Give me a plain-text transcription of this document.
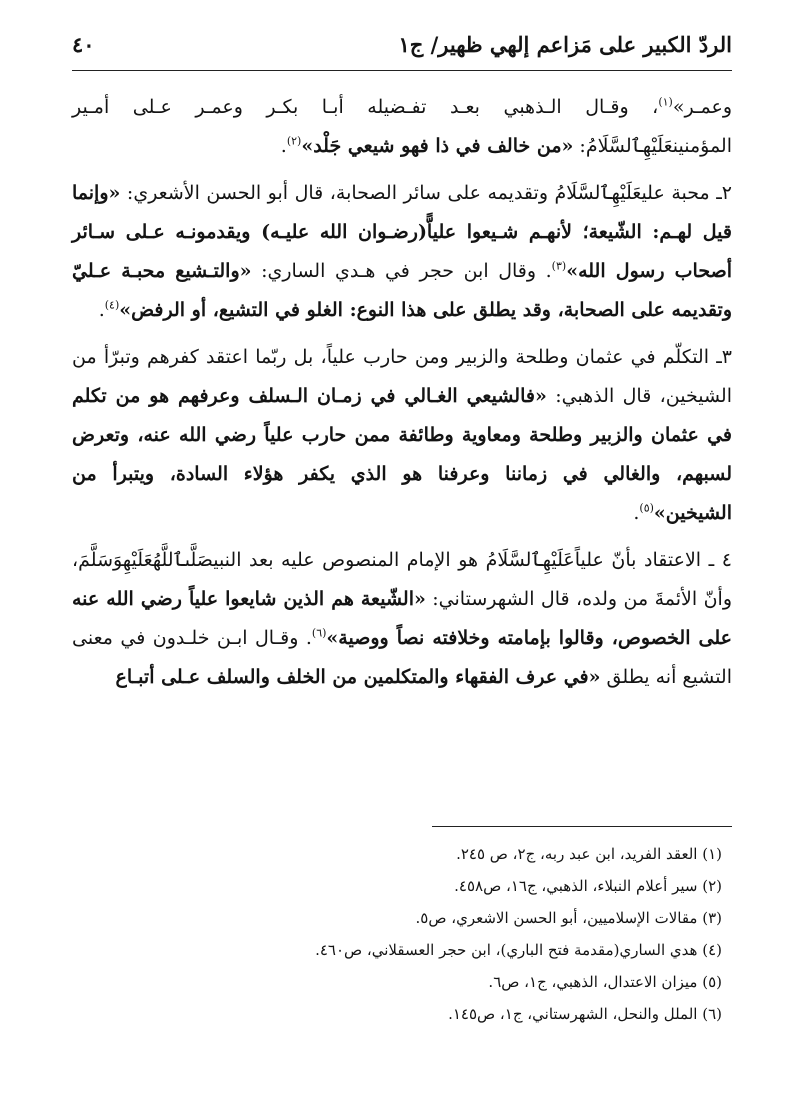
الردّ الكبير على مَزاعم إلهي ظهير/ ج١
٤٠

وعمـر»$^{(١)}$، وقـال الـذهبي بعـد تفـضيله أبـا بكـر وعمـر عـلى أمـير المؤمنينعَلَيْهِٱلسَّلَامُ: «من خالف في ذا فهو شيعي جَلْد»$^{(٢)}$.

٢ـ محبة عليعَلَيْهِٱلسَّلَامُ وتقديمه على سائر الصحابة، قال أبو الحسن الأشعري: «وإنما قيل لهـم: الشّيعة؛ لأنهـم شـيعوا علياًّ(رضـوان الله عليـه) ويقدمونـه عـلى سـائر أصحاب رسول الله»$^{(٣)}$. وقال ابن حجر في هـدي الساري: «والتـشيع محبـة عـليّ وتقديمه على الصحابة، وقد يطلق على هذا النوع: الغلو في التشيع، أو الرفض»$^{(٤)}$.

٣ـ التكلّم في عثمان وطلحة والزبير ومن حارب علياً، بل ربّما اعتقد كفرهم وتبرّأ من الشيخين، قال الذهبي: «فالشيعي الغـالي في زمـان الـسلف وعرفهم هو من تكلم في عثمان والزبير وطلحة ومعاوية وطائفة ممن حارب علياً رضي الله عنه، وتعرض لسبهم، والغالي في زماننا وعرفنا هو الذي يكفر هؤلاء السادة، ويتبرأ من الشيخين»$^{(٥)}$.

٤ ـ الاعتقاد بأنّ علياًعَلَيْهِٱلسَّلَامُ هو الإمام المنصوص عليه بعد النبيصَلَّىٱللَّهُعَلَيْهِوَسَلَّمَ، وأنّ الأئمةَ من ولده، قال الشهرستاني: «الشّيعة هم الذين شايعوا علياً رضي الله عنه على الخصوص، وقالوا بإمامته وخلافته نصاً ووصية»$^{(٦)}$. وقـال ابـن خلـدون في معنى التشيع أنه يطلق «في عرف الفقهاء والمتكلمين من الخلف والسلف عـلى أتبـاع

(١) العقد الفريد، ابن عبد ربه، ج٢، ص ٢٤٥.
(٢) سير أعلام النبلاء، الذهبي، ج١٦، ص٤٥٨.
(٣) مقالات الإسلاميين، أبو الحسن الاشعري، ص٥.
(٤) هدي الساري(مقدمة فتح الباري)، ابن حجر العسقلاني، ص٤٦٠.
(٥) ميزان الاعتدال، الذهبي، ج١، ص٦.
(٦) الملل والنحل، الشهرستاني، ج١، ص١٤٥.
